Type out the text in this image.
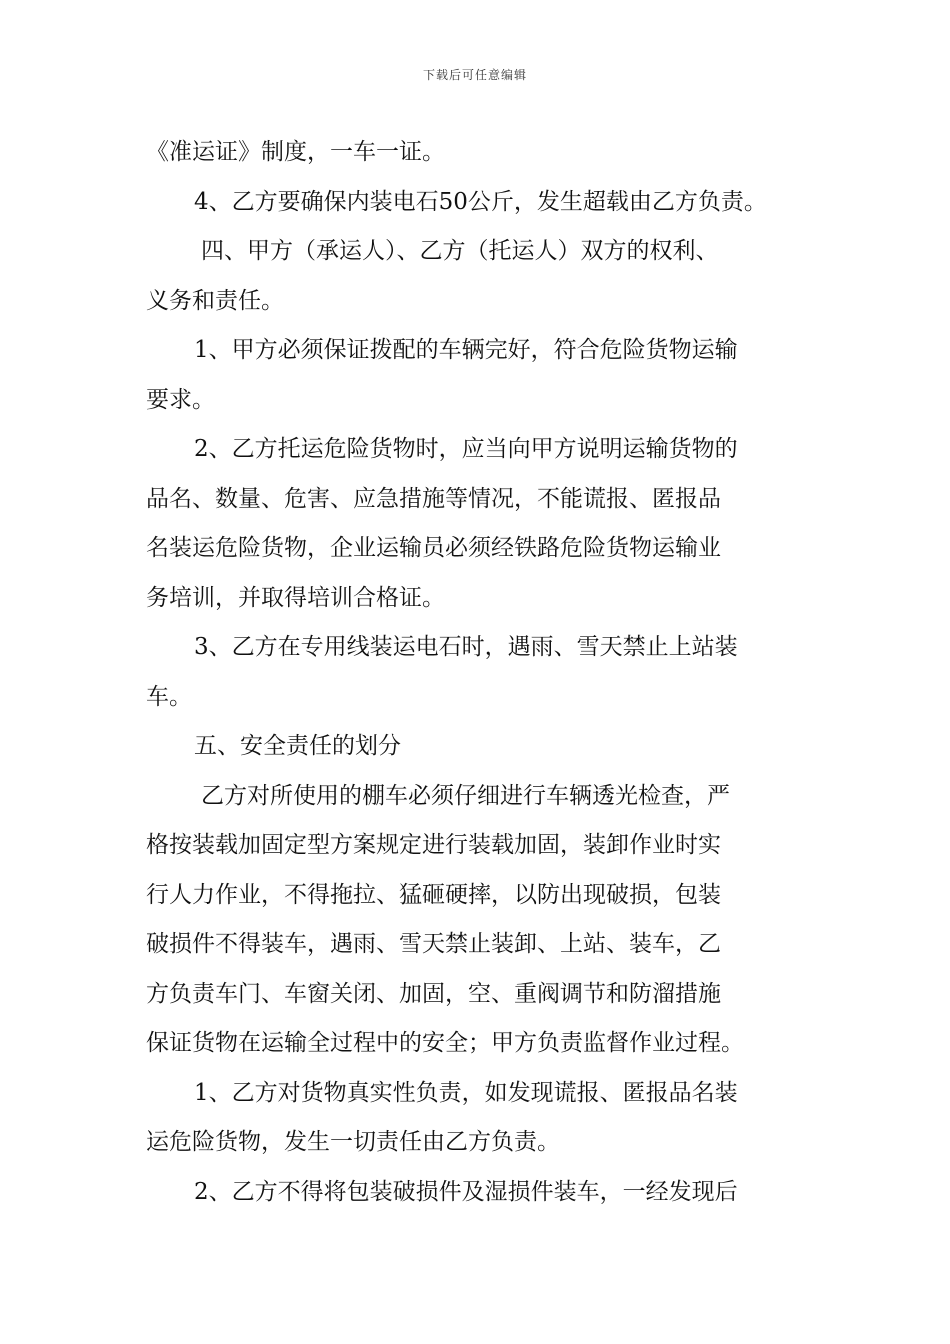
下载后可任意编辑
《准运证》制度，一车一证。
4、乙方要确保内装电石50公斤，发生超载由乙方负责。
四、甲方（承运人）、乙方（托运人）双方的权利、
义务和责任。
1、甲方必须保证拨配的车辆完好，符合危险货物运输
要求。
2、乙方托运危险货物时，应当向甲方说明运输货物的
品名、数量、危害、应急措施等情况，不能谎报、匿报品
名装运危险货物，企业运输员必须经铁路危险货物运输业
务培训，并取得培训合格证。
3、乙方在专用线装运电石时，遇雨、雪天禁止上站装
车。
五、安全责任的划分
乙方对所使用的棚车必须仔细进行车辆透光检查，严
格按装载加固定型方案规定进行装载加固，装卸作业时实
行人力作业，不得拖拉、猛砸硬摔，以防出现破损，包装
破损件不得装车，遇雨、雪天禁止装卸、上站、装车，乙
方负责车门、车窗关闭、加固，空、重阀调节和防溜措施
保证货物在运输全过程中的安全；甲方负责监督作业过程。
1、乙方对货物真实性负责，如发现谎报、匿报品名装
运危险货物，发生一切责任由乙方负责。
2、乙方不得将包装破损件及湿损件装车，一经发现后
